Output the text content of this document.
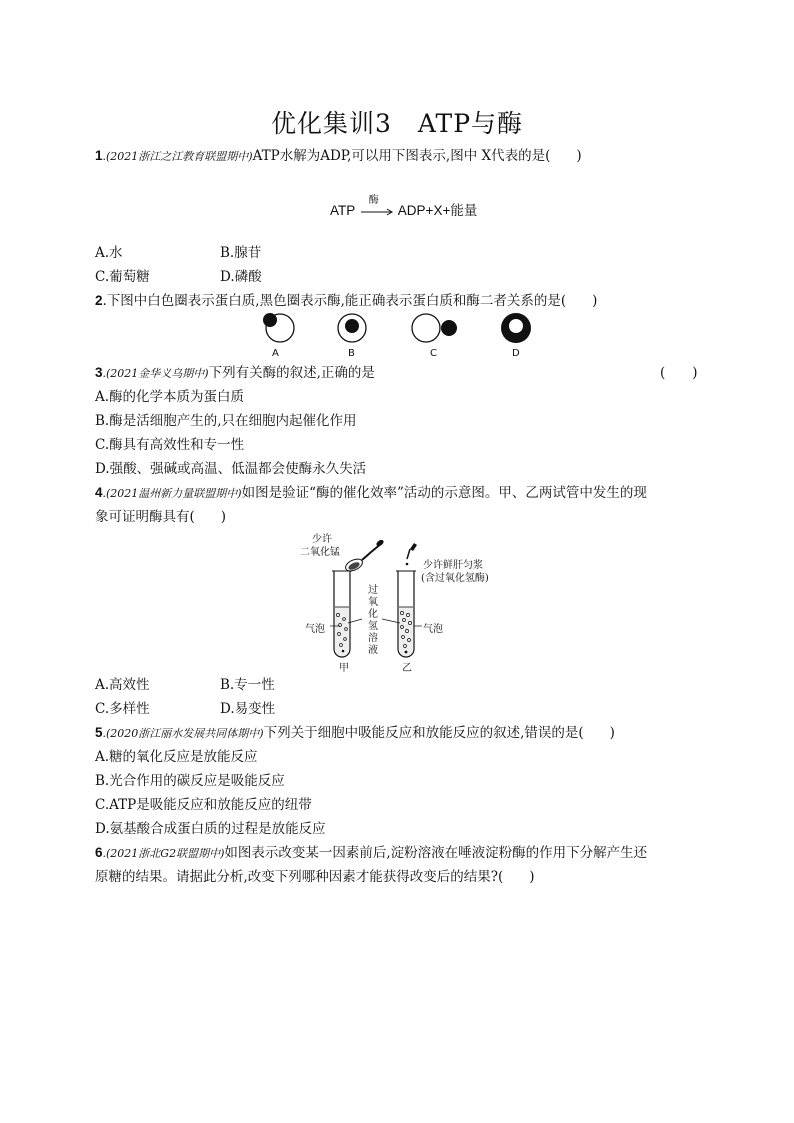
优化集训3　ATP与酶
1.(2021浙江之江教育联盟期中)ATP水解为ADP,可以用下图表示,图中 X代表的是( )
ATP
酶
ADP+X+能量
A.水	B.腺苷
C.葡萄糖	D.磷酸
2.下图中白色圈表示蛋白质,黑色圈表示酶,能正确表示蛋白质和酶二者关系的是( )
A	B	C	D
3.(2021金华义乌期中)下列有关酶的叙述,正确的是	(　　)
A.酶的化学本质为蛋白质
B.酶是活细胞产生的,只在细胞内起催化作用
C.酶具有高效性和专一性
D.强酸、强碱或高温、低温都会使酶永久失活
4.(2021温州新力量联盟期中)如图是验证“酶的催化效率”活动的示意图。甲、乙两试管中发生的现
象可证明酶具有( )
少许
二氧化锰
少许鲜肝匀浆
(含过氧化氢酶)
过氧化氢溶液
气泡	气泡
甲	乙
A.高效性	B.专一性
C.多样性	D.易变性
5.(2020浙江丽水发展共同体期中)下列关于细胞中吸能反应和放能反应的叙述,错误的是( )
A.糖的氧化反应是放能反应
B.光合作用的碳反应是吸能反应
C.ATP是吸能反应和放能反应的纽带
D.氨基酸合成蛋白质的过程是放能反应
6.(2021浙北G2联盟期中)如图表示改变某一因素前后,淀粉溶液在唾液淀粉酶的作用下分解产生还
原糖的结果。请据此分析,改变下列哪种因素才能获得改变后的结果?( )
